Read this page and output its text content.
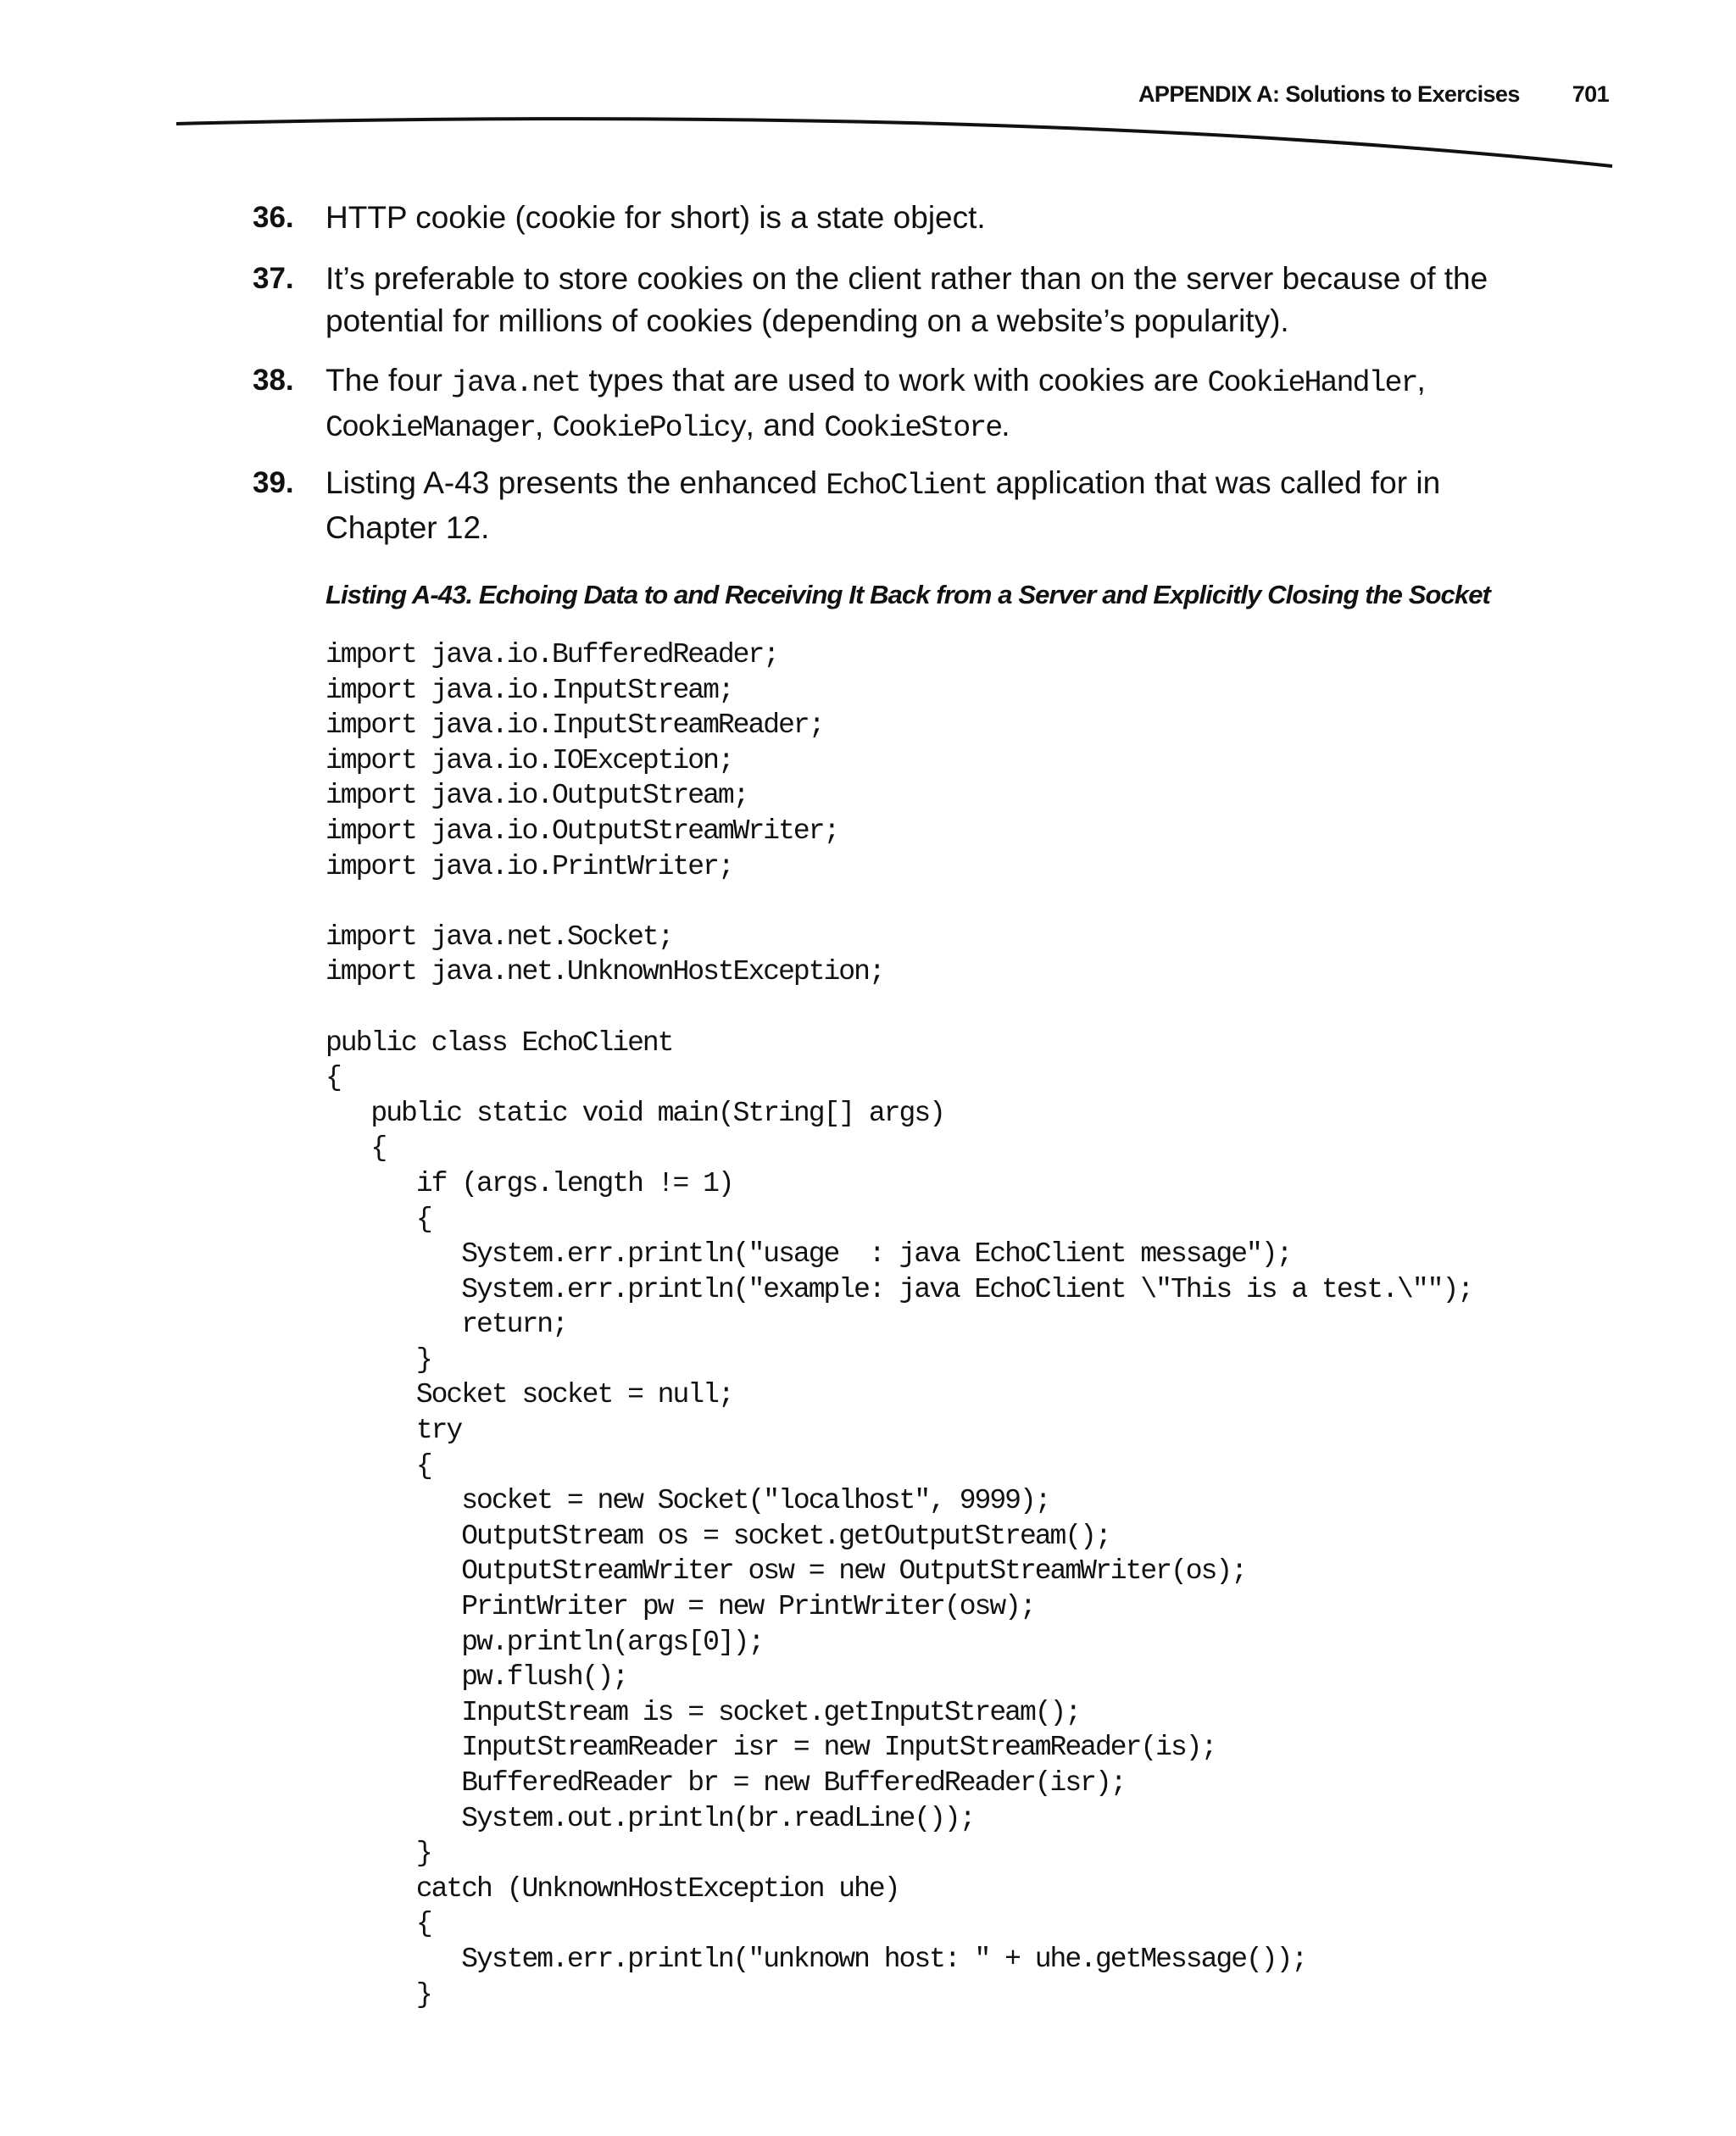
APPENDIX A: Solutions to Exercises 701
36. HTTP cookie (cookie for short) is a state object.
37. It’s preferable to store cookies on the client rather than on the server because of the potential for millions of cookies (depending on a website’s popularity).
38. The four java.net types that are used to work with cookies are CookieHandler, CookieManager, CookiePolicy, and CookieStore.
39. Listing A-43 presents the enhanced EchoClient application that was called for in Chapter 12.
Listing A-43. Echoing Data to and Receiving It Back from a Server and Explicitly Closing the Socket
import java.io.BufferedReader;
import java.io.InputStream;
import java.io.InputStreamReader;
import java.io.IOException;
import java.io.OutputStream;
import java.io.OutputStreamWriter;
import java.io.PrintWriter;
import java.net.Socket;
import java.net.UnknownHostException;
public class EchoClient
{
public static void main(String[] args)
{
if (args.length != 1)
{
System.err.println("usage  : java EchoClient message");
System.err.println("example: java EchoClient \"This is a test.\"");
return;
}
Socket socket = null;
try
{
socket = new Socket("localhost", 9999);
OutputStream os = socket.getOutputStream();
OutputStreamWriter osw = new OutputStreamWriter(os);
PrintWriter pw = new PrintWriter(osw);
pw.println(args[0]);
pw.flush();
InputStream is = socket.getInputStream();
InputStreamReader isr = new InputStreamReader(is);
BufferedReader br = new BufferedReader(isr);
System.out.println(br.readLine());
}
catch (UnknownHostException uhe)
{
System.err.println("unknown host: " + uhe.getMessage());
}
